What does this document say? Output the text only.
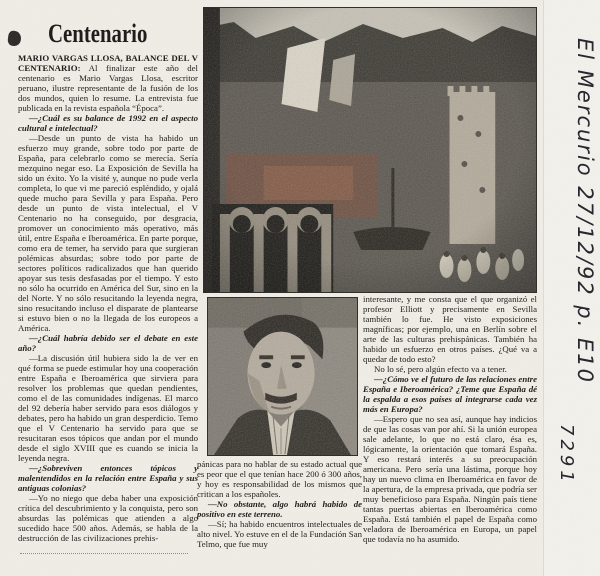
Centenario

MARIO VARGAS LLOSA, BALANCE DEL V CENTENARIO: Al finalizar este año del centenario es Mario Vargas Llosa, escritor peruano, ilustre representante de la fusión de los dos mundos, quien lo resume. La entrevista fue publicada en la revista española “Época”.

—¿Cuál es su balance de 1992 en el aspecto cultural e intelectual?

—Desde un punto de vista ha habido un esfuerzo muy grande, sobre todo por parte de España, para celebrarlo como se merecía. Sería mezquino negar eso. La Exposición de Sevilla ha sido un éxito. Yo la visité y, aunque no pude verla completa, lo que vi me pareció espléndido, y ojalá quede mucho para Sevilla y para España. Pero desde un punto de vista intelectual, el V Centenario no ha conseguido, por desgracia, promover un conocimiento más operativo, más útil, entre España e Iberoamérica. En parte porque, como era de temer, ha servido para que surgieran polémicas absurdas; sobre todo por parte de sectores políticos radicalizados que han querido apoyar sus tesis desfasadas por el tiempo. Y esto no sólo ha ocurrido en América del Sur, sino en la del Norte. Y no sólo resucitando la leyenda negra, sino resucitando incluso el disparate de plantearse si estuvo bien o no la llegada de los europeos a América.

—¿Cuál habría debido ser el debate en este año?

—La discusión útil hubiera sido la de ver en qué forma se puede estimular hoy una cooperación entre España e Iberoamérica que sirviera para resolver los problemas que quedan pendientes, como el de las comunidades indígenas. El marco del 92 debería haber servido para esos diálogos y debates, pero ha habido un gran desperdicio. Temo que el V Centenario ha servido para que se resucitaran esos tópicos que andan por el mundo desde el siglo XVIII que es cuando se inicia la leyenda negra.

—¿Sobreviven entonces tópicos y malentendidos en la relación entre España y sus antiguas colonias?

—Yo no niego que deba haber una exposición crítica del descubrimiento y la conquista, pero son absurdas las polémicas que atienden a algo sucedido hace 500 años. Además, se habla de la destrucción de las civilizaciones prehis-

pánicas para no hablar de su estado actual que es peor que el que tenían hace 200 ó 300 años, y hoy es responsabilidad de los mismos que critican a los españoles.

—No obstante, algo habrá habido de positivo en este terreno.

—Sí; ha habido encuentros intelectuales de alto nivel. Yo estuve en el de la Fundación San Telmo, que fue muy

interesante, y me consta que el que organizó el profesor Elliott y precisamente en Sevilla también lo fue. He visto exposiciones magníficas; por ejemplo, una en Berlín sobre el arte de las culturas prehispánicas. También ha habido un esfuerzo en otros países. ¿Qué va a quedar de todo esto?

No lo sé, pero algún efecto va a tener.

—¿Cómo ve el futuro de las relaciones entre España e Iberoamérica? ¿Teme que España dé la espalda a esos países al integrarse cada vez más en Europa?

—Espero que no sea así, aunque hay indicios de que las cosas van por ahí. Si la unión europea sale adelante, lo que no está claro, ésa es, lógicamente, la orientación que tomará España. Y eso restará interés a su preocupación americana. Pero sería una lástima, porque hoy hay un nuevo clima en Iberoamérica en favor de la apertura, de la empresa privada, que podría ser muy beneficioso para España. Ningún país tiene tantas puertas abiertas en Iberoamérica como España. Está también el papel de España como veladora de Iberoamérica en Europa, un papel que todavía no ha asumido.

El Mercurio 27/12/92 p. E10
7291
